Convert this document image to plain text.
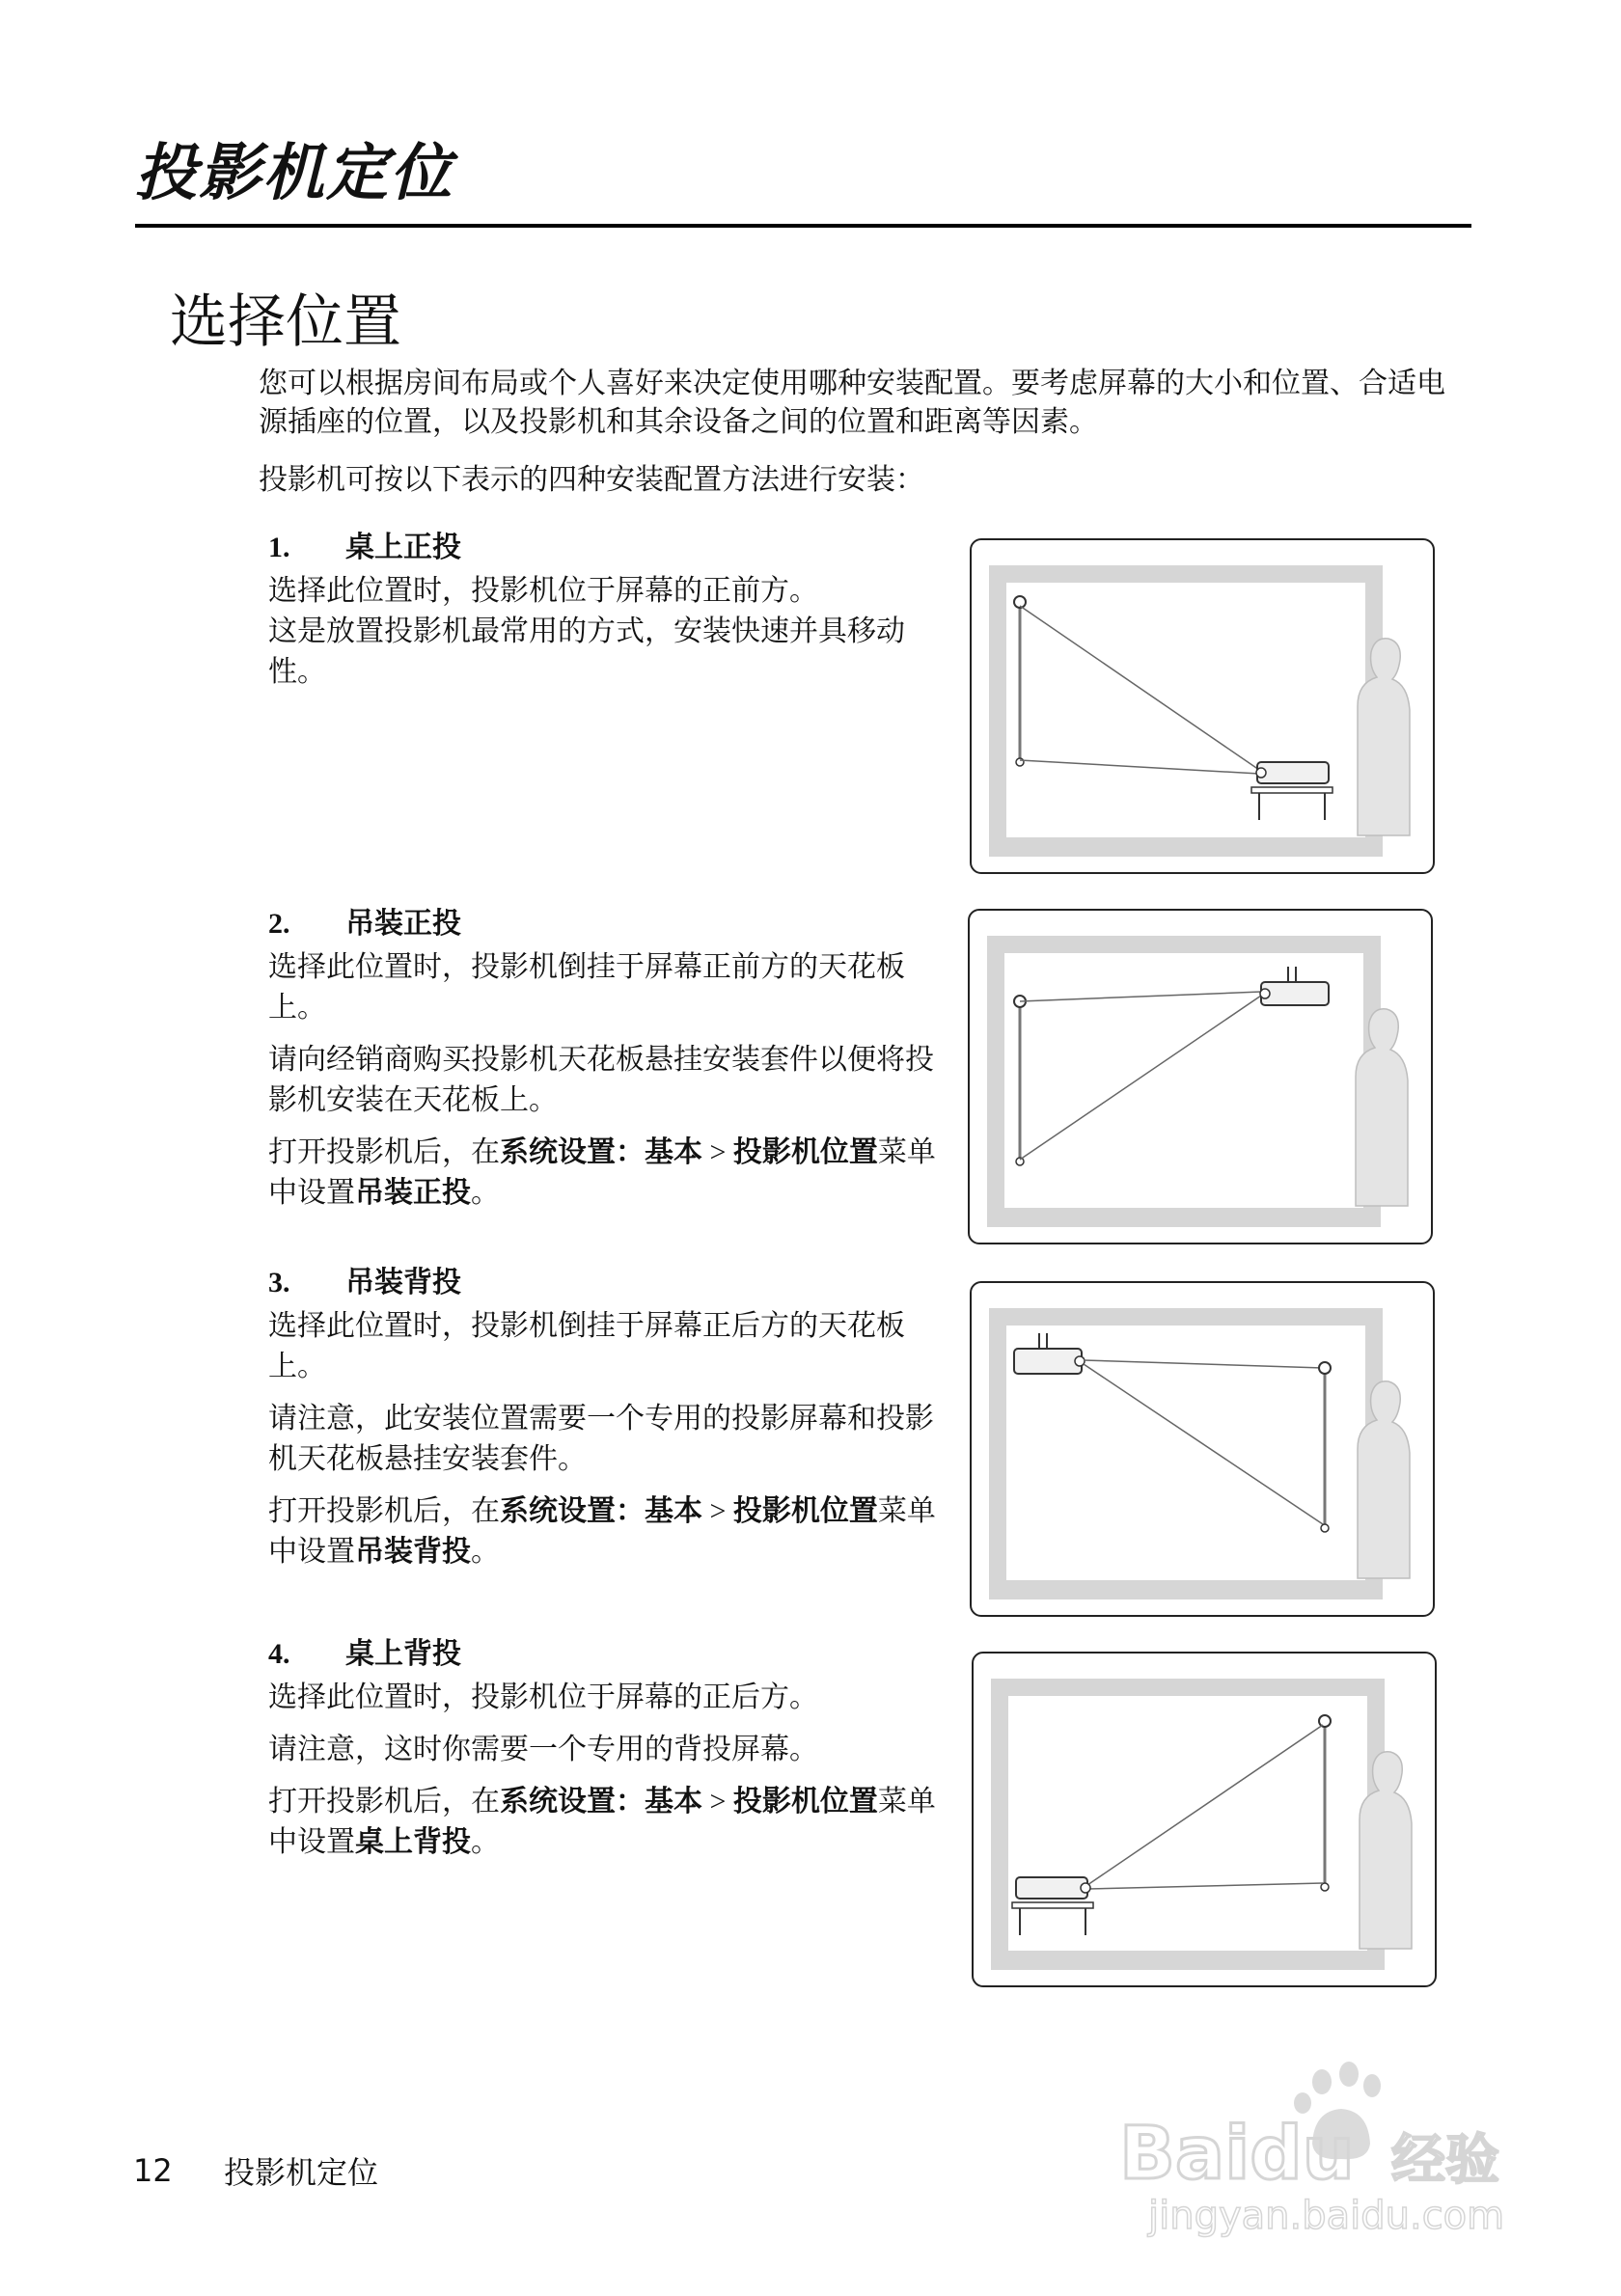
投影机定位
选择位置

您可以根据房间布局或个人喜好来决定使用哪种安装配置。要考虑屏幕的大小和位置、合适电源插座的位置，以及投影机和其余设备之间的位置和距离等因素。

投影机可按以下表示的四种安装配置方法进行安装：

1. 桌上正投

选择此位置时，投影机位于屏幕的正前方。

这是放置投影机最常用的方式，安装快速并具移动性。

2. 吊装正投

选择此位置时，投影机倒挂于屏幕正前方的天花板上。

请向经销商购买投影机天花板悬挂安装套件以便将投影机安装在天花板上。

打开投影机后，在系统设置：基本 > 投影机位置菜单中设置吊装正投。

3. 吊装背投

选择此位置时，投影机倒挂于屏幕正后方的天花板上。

请注意，此安装位置需要一个专用的投影屏幕和投影机天花板悬挂安装套件。

打开投影机后，在系统设置：基本 > 投影机位置菜单中设置吊装背投。

4. 桌上背投

选择此位置时，投影机位于屏幕的正后方。

请注意，这时你需要一个专用的背投屏幕。

打开投影机后，在系统设置：基本 > 投影机位置菜单中设置桌上背投。

12 投影机定位	Baidu 经验
jingyan.baidu.com
